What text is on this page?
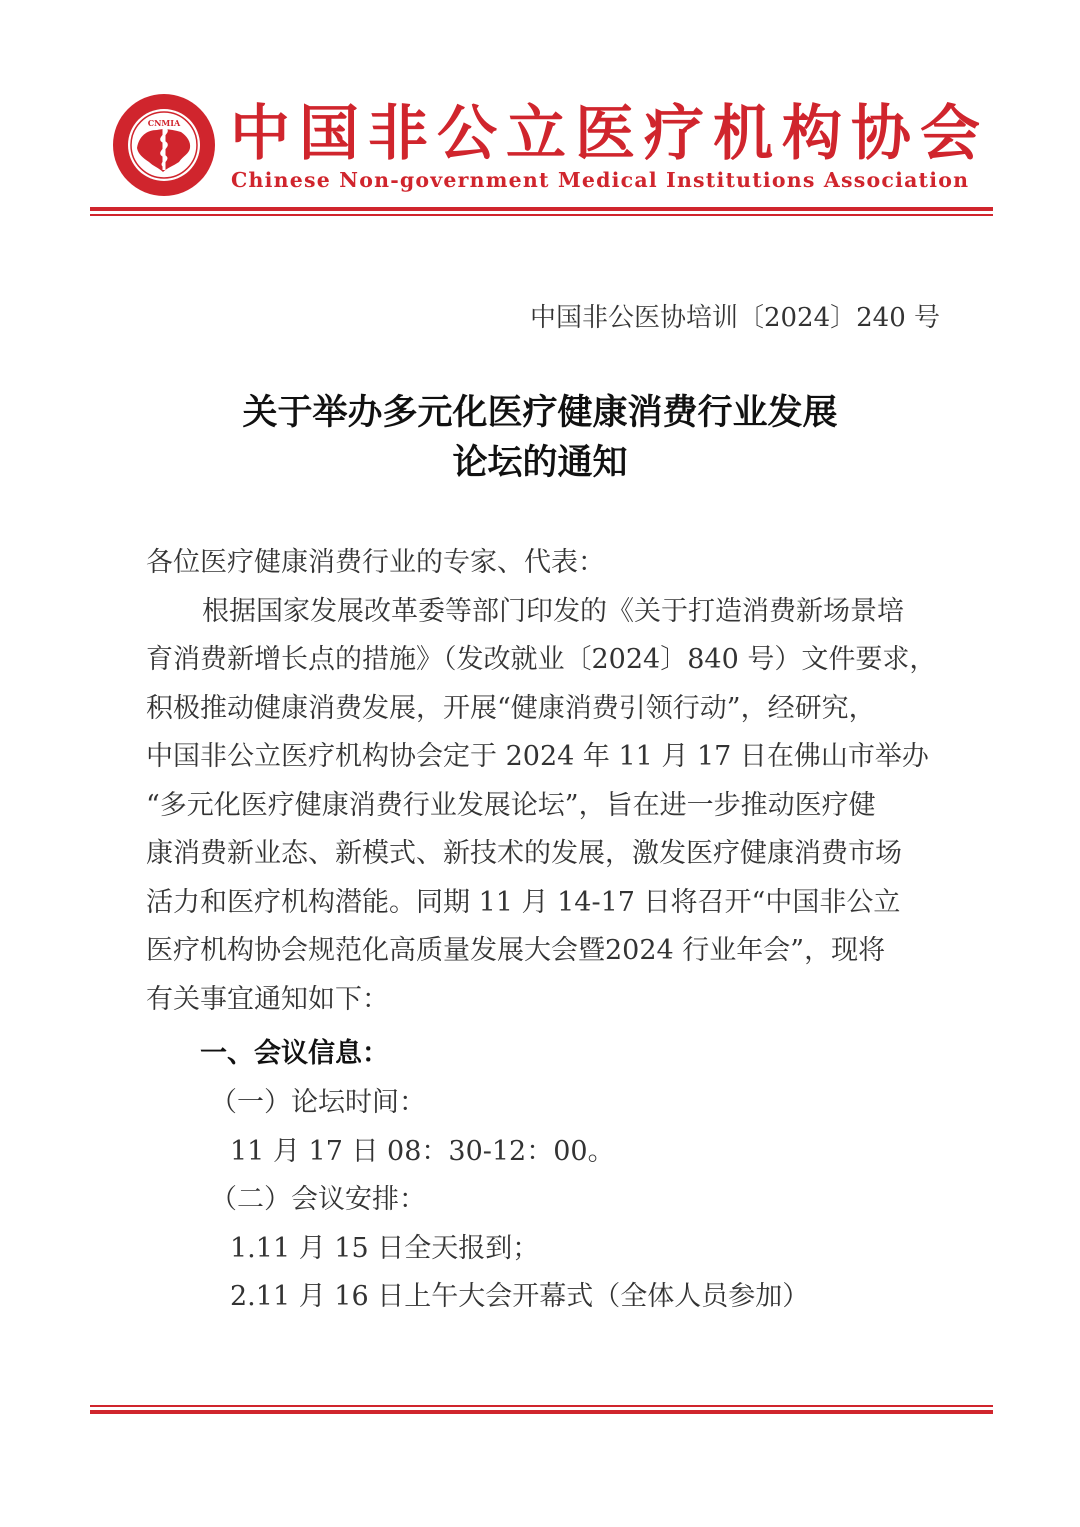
CNMIA 中国非公立医疗机构协会
Chinese Non-government Medical Institutions Association
中国非公医协培训〔2024〕240 号
关于举办多元化医疗健康消费行业发展
论坛的通知
各位医疗健康消费行业的专家、代表：
根据国家发展改革委等部门印发的《关于打造消费新场景培
育消费新增长点的措施》（发改就业〔2024〕840 号）文件要求，
积极推动健康消费发展，开展“健康消费引领行动”，经研究，
中国非公立医疗机构协会定于 2024 年 11 月 17 日在佛山市举办
“多元化医疗健康消费行业发展论坛”，旨在进一步推动医疗健
康消费新业态、新模式、新技术的发展，激发医疗健康消费市场
活力和医疗机构潜能。同期 11 月 14-17 日将召开“中国非公立
医疗机构协会规范化高质量发展大会暨2024 行业年会”，现将
有关事宜通知如下：
一、会议信息：
（一）论坛时间：
11 月 17 日 08：30-12：00。
（二）会议安排：
1.11 月 15 日全天报到；
2.11 月 16 日上午大会开幕式（全体人员参加）
